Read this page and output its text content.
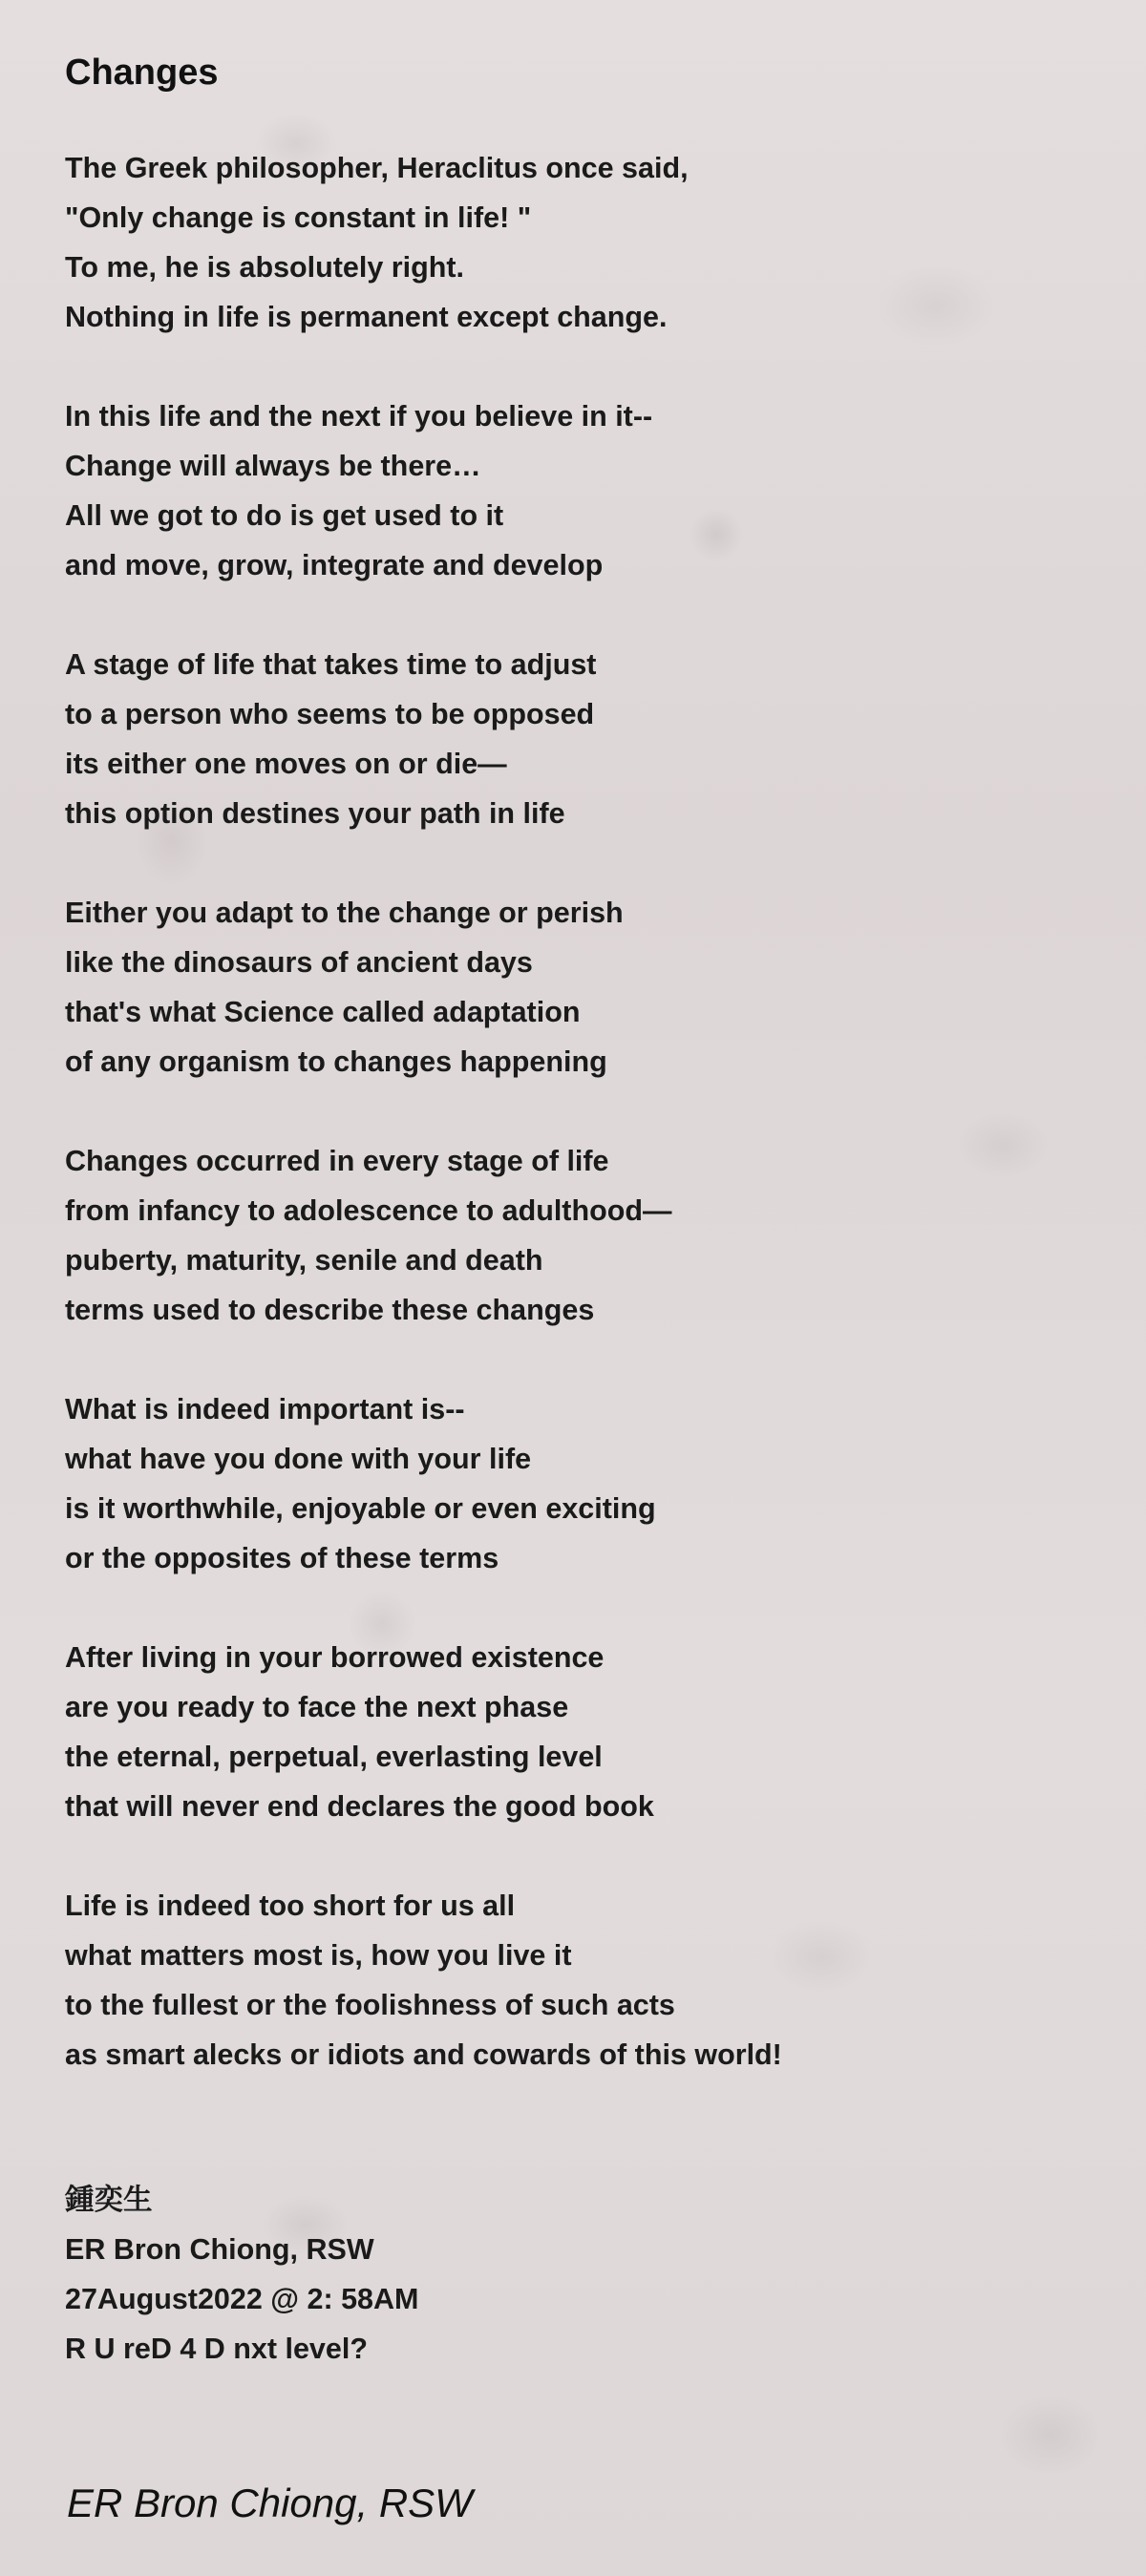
Changes
The Greek philosopher, Heraclitus once said,
"Only change is constant in life! "
To me, he is absolutely right.
Nothing in life is permanent except change.
In this life and the next if you believe in it--
Change will always be there…
All we got to do is get used to it
and move, grow, integrate and develop
A stage of life that takes time to adjust
to a person who seems to be opposed
its either one moves on or die—
this option destines your path in life
Either you adapt to the change or perish
like the dinosaurs of ancient days
that's what Science called adaptation
of any organism to changes happening
Changes occurred in every stage of life
from infancy to adolescence to adulthood—
puberty, maturity, senile and death
terms used to describe these changes
What is indeed important is--
what have you done with your life
is it worthwhile, enjoyable or even exciting
or the opposites of these terms
After living in your borrowed existence
are you ready to face the next phase
the eternal, perpetual, everlasting level
that will never end declares the good book
Life is indeed too short for us all
what matters most is, how you live it
to the fullest or the foolishness of such acts
as smart alecks or idiots and cowards of this world!
鍾奕生
ER Bron Chiong, RSW
27August2022 @ 2: 58AM
R U reD 4 D nxt level?
ER Bron Chiong, RSW
